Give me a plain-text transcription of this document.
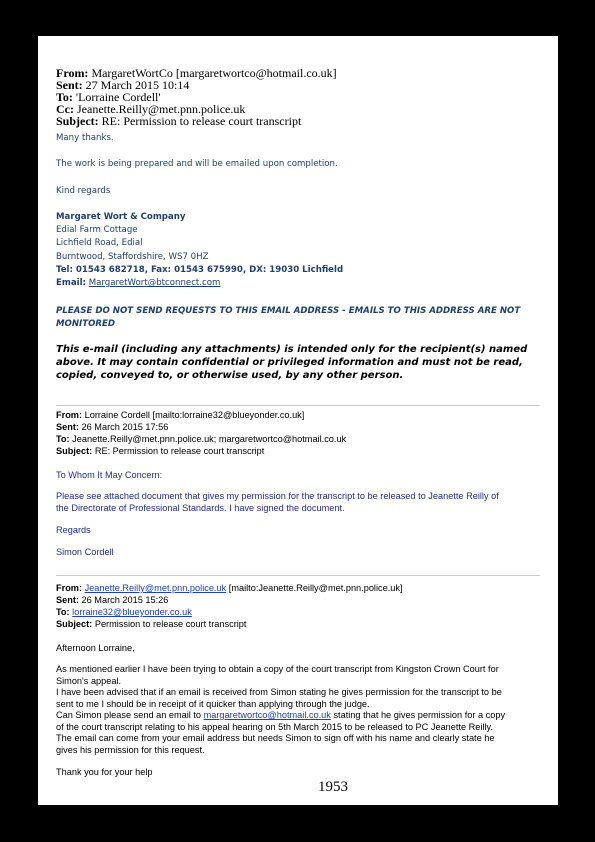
From: MargaretWortCo [margaretwortco@hotmail.co.uk]
Sent: 27 March 2015 10:14
To: 'Lorraine Cordell'
Cc: Jeanette.Reilly@met.pnn.police.uk
Subject: RE: Permission to release court transcript
Many thanks.
The work is being prepared and will be emailed upon completion.
Kind regards
Margaret Wort & Company
Edial Farm Cottage
Lichfield Road, Edial
Burntwood, Staffordshire, WS7 0HZ
Tel: 01543 682718, Fax: 01543 675990, DX: 19030 Lichfield
Email: MargaretWort@btconnect.com
PLEASE DO NOT SEND REQUESTS TO THIS EMAIL ADDRESS - EMAILS TO THIS ADDRESS ARE NOT
MONITORED
This e-mail (including any attachments) is intended only for the recipient(s) named
above. It may contain confidential or privileged information and must not be read,
copied, conveyed to, or otherwise used, by any other person.
From: Lorraine Cordell [mailto:lorraine32@blueyonder.co.uk]
Sent: 26 March 2015 17:56
To: Jeanette.Reilly@met.pnn.police.uk; margaretwortco@hotmail.co.uk
Subject: RE: Permission to release court transcript
To Whom It May Concern:
Please see attached document that gives my permission for the transcript to be released to Jeanette Reilly of
the Directorate of Professional Standards. I have signed the document.
Regards
Simon Cordell
From: Jeanette.Reilly@met.pnn.police.uk [mailto:Jeanette.Reilly@met.pnn.police.uk]
Sent: 26 March 2015 15:26
To: lorraine32@blueyonder.co.uk
Subject: Permission to release court transcript
Afternoon Lorraine,
As mentioned earlier I have been trying to obtain a copy of the court transcript from Kingston Crown Court for
Simon's appeal.
I have been advised that if an email is received from Simon stating he gives permission for the transcript to be
sent to me I should be in receipt of it quicker than applying through the judge.
Can Simon please send an email to margaretwortco@hotmail.co.uk stating that he gives permission for a copy
of the court transcript relating to his appeal hearing on 5th March 2015 to be released to PC Jeanette Reilly.
The email can come from your email address but needs Simon to sign off with his name and clearly state he
gives his permission for this request.
Thank you for your help
1953
